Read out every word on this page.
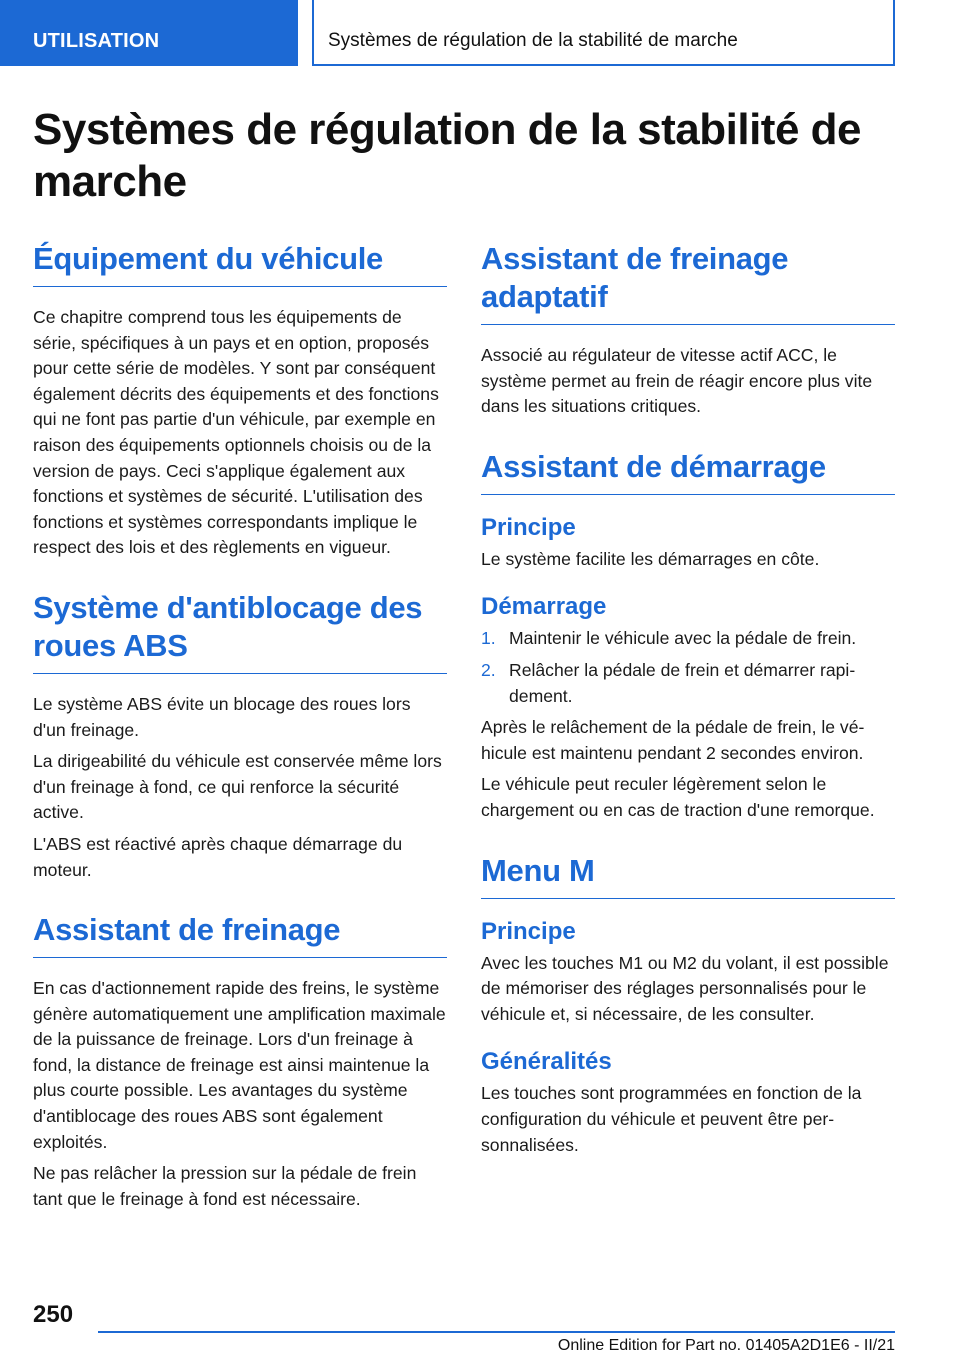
UTILISATION	Systèmes de régulation de la stabilité de marche
Systèmes de régulation de la stabilité de marche
Équipement du véhicule

Ce chapitre comprend tous les équipements de série, spécifiques à un pays et en option, proposés pour cette série de modèles. Y sont par conséquent également décrits des équipements et des fonctions qui ne font pas partie d'un véhicule, par exemple en raison des équipements optionnels choisis ou de la version de pays. Ceci s'applique également aux fonctions et systèmes de sécurité. L'utilisation des fonctions et systèmes correspondants implique le respect des lois et des règlements en vigueur.

Système d'antiblocage des roues ABS

Le système ABS évite un blocage des roues lors d'un freinage.

La dirigeabilité du véhicule est conservée même lors d'un freinage à fond, ce qui renforce la sécurité active.

L'ABS est réactivé après chaque démarrage du moteur.

Assistant de freinage

En cas d'actionnement rapide des freins, le système génère automatiquement une amplification maximale de la puissance de freinage. Lors d'un freinage à fond, la distance de freinage est ainsi maintenue la plus courte possible. Les avantages du système d'antiblocage des roues ABS sont également exploités.

Ne pas relâcher la pression sur la pédale de frein tant que le freinage à fond est nécessaire.

Assistant de freinage adaptatif

Associé au régulateur de vitesse actif ACC, le système permet au frein de réagir encore plus vite dans les situations critiques.

Assistant de démarrage
Principe

Le système facilite les démarrages en côte.

Démarrage
1. Maintenir le véhicule avec la pédale de frein.
2. Relâcher la pédale de frein et démarrer rapidement.

Après le relâchement de la pédale de frein, le véhicule est maintenu pendant 2 secondes environ.

Le véhicule peut reculer légèrement selon le chargement ou en cas de traction d'une remorque.

Menu M
Principe

Avec les touches M1 ou M2 du volant, il est possible de mémoriser des réglages personnalisés pour le véhicule et, si nécessaire, de les consulter.

Généralités

Les touches sont programmées en fonction de la configuration du véhicule et peuvent être personnalisées.

250
Online Edition for Part no. 01405A2D1E6 - II/21
